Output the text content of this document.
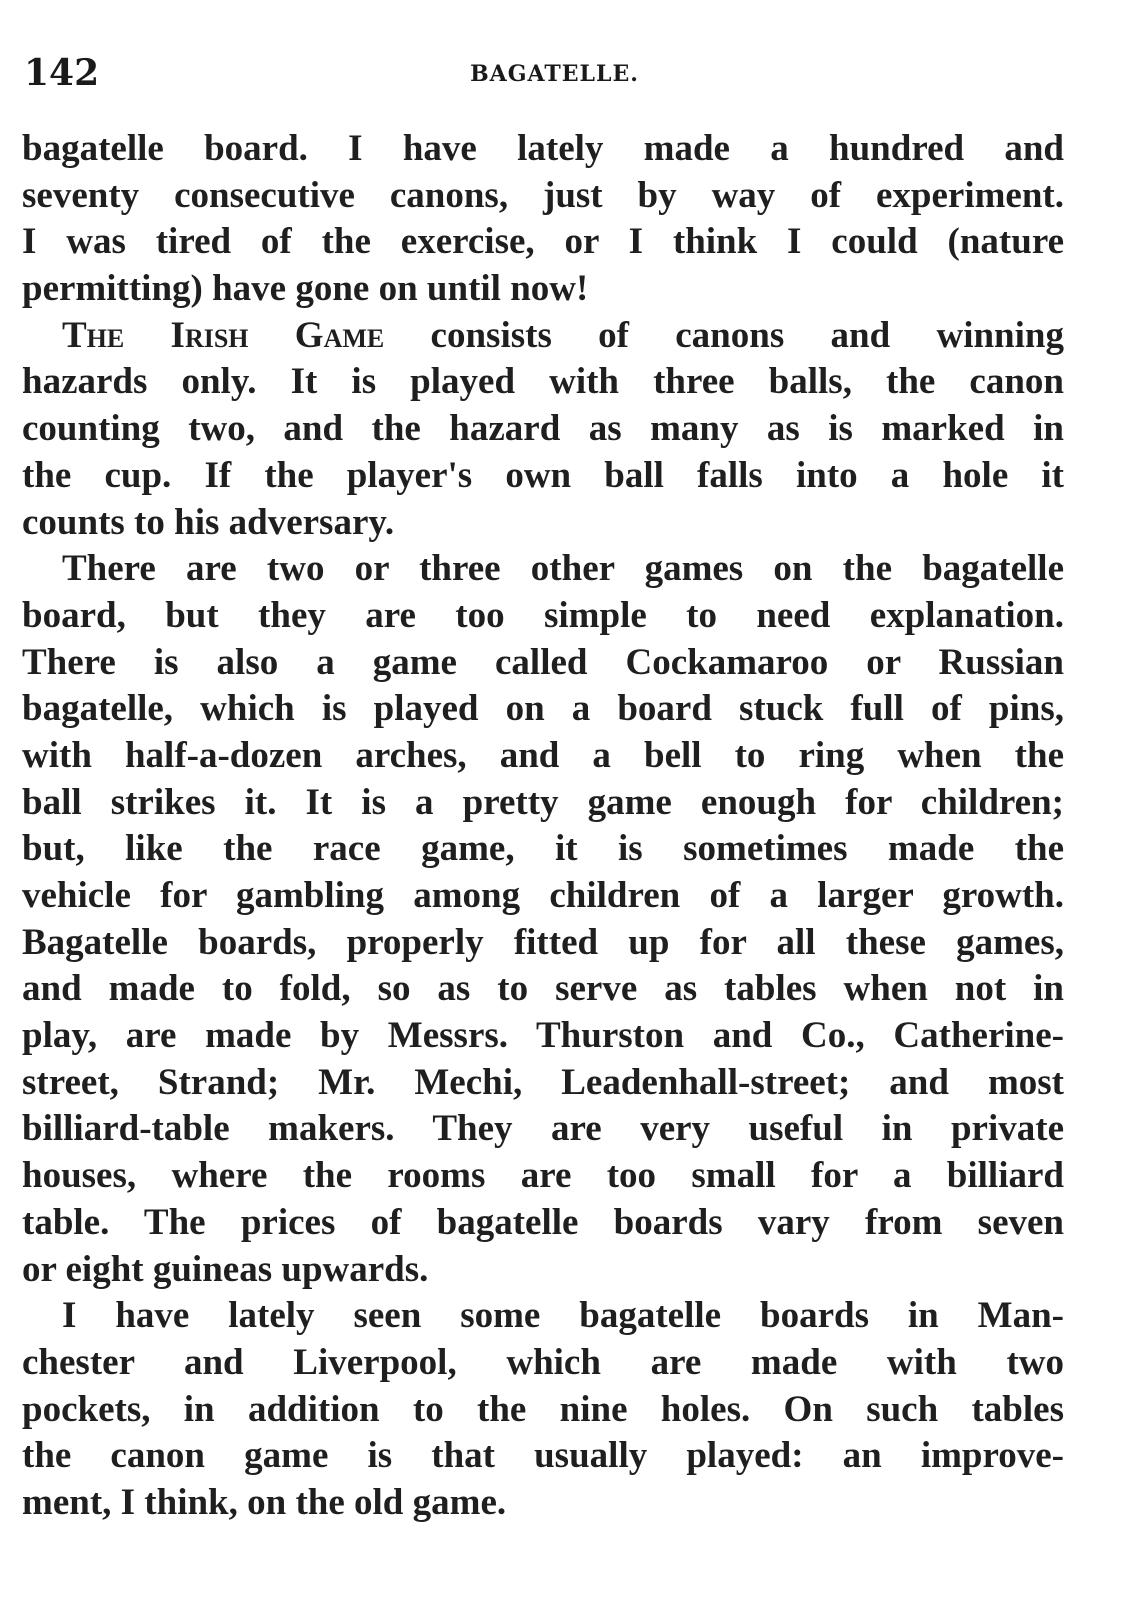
142	BAGATELLE.
bagatelle board. I have lately made a hundred and
seventy consecutive canons, just by way of experiment.
I was tired of the exercise, or I think I could (nature
permitting) have gone on until now!
The Irish Game consists of canons and winning
hazards only. It is played with three balls, the canon
counting two, and the hazard as many as is marked in
the cup. If the player's own ball falls into a hole it
counts to his adversary.
There are two or three other games on the bagatelle
board, but they are too simple to need explanation.
There is also a game called Cockamaroo or Russian
bagatelle, which is played on a board stuck full of pins,
with half-a-dozen arches, and a bell to ring when the
ball strikes it. It is a pretty game enough for children;
but, like the race game, it is sometimes made the
vehicle for gambling among children of a larger growth.
Bagatelle boards, properly fitted up for all these games,
and made to fold, so as to serve as tables when not in
play, are made by Messrs. Thurston and Co., Catherine-
street, Strand; Mr. Mechi, Leadenhall-street; and most
billiard-table makers. They are very useful in private
houses, where the rooms are too small for a billiard
table. The prices of bagatelle boards vary from seven
or eight guineas upwards.
I have lately seen some bagatelle boards in Man-
chester and Liverpool, which are made with two
pockets, in addition to the nine holes. On such tables
the canon game is that usually played: an improve-
ment, I think, on the old game.
